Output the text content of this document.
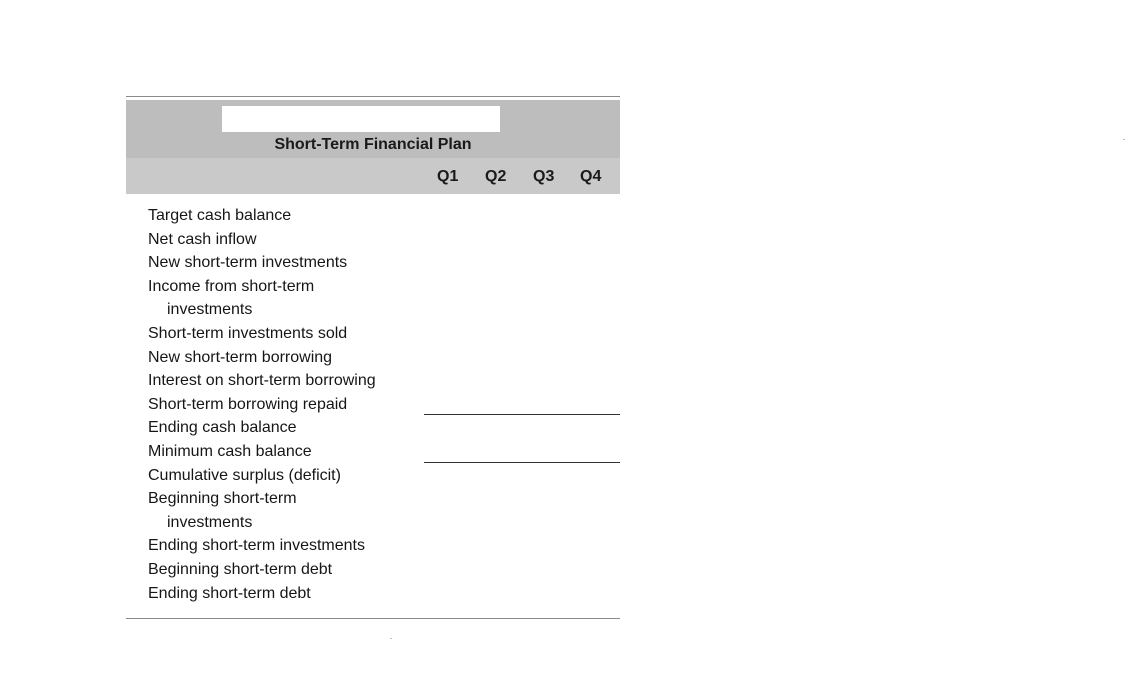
Short-Term Financial Plan
Q1 Q2 Q3 Q4
Target cash balance
Net cash inflow
New short-term investments
Income from short-term
investments
Short-term investments sold
New short-term borrowing
Interest on short-term borrowing
Short-term borrowing repaid
Ending cash balance
Minimum cash balance
Cumulative surplus (deficit)
Beginning short-term
investments
Ending short-term investments
Beginning short-term debt
Ending short-term debt
